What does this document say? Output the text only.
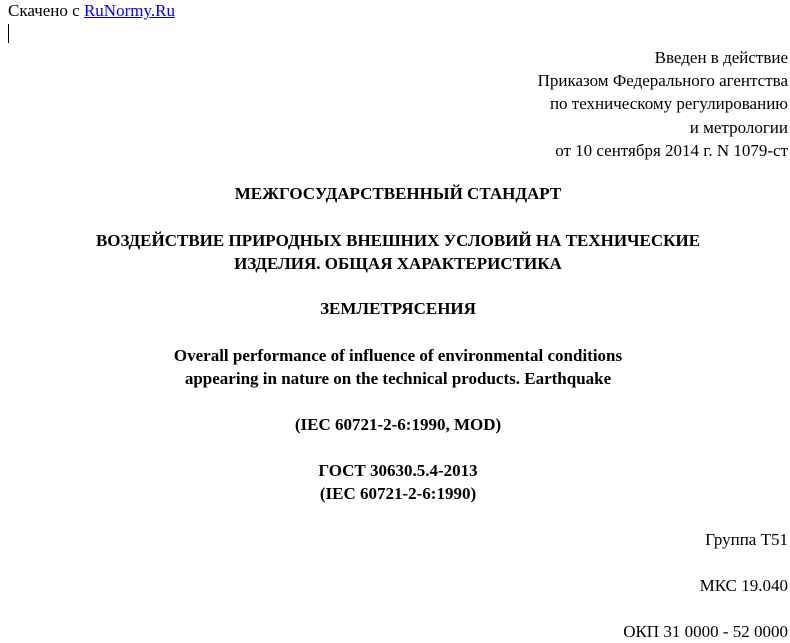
Скачено с RuNormy.Ru
Введен в действие
Приказом Федерального агентства
по техническому регулированию
и метрологии
от 10 сентября 2014 г. N 1079-ст
МЕЖГОСУДАРСТВЕННЫЙ СТАНДАРТ
ВОЗДЕЙСТВИЕ ПРИРОДНЫХ ВНЕШНИХ УСЛОВИЙ НА ТЕХНИЧЕСКИЕ
ИЗДЕЛИЯ. ОБЩАЯ ХАРАКТЕРИСТИКА
ЗЕМЛЕТРЯСЕНИЯ
Overall performance of influence of environmental conditions
appearing in nature on the technical products. Earthquake
(IEC 60721-2-6:1990, MOD)
ГОСТ 30630.5.4-2013
(IEC 60721-2-6:1990)
Группа Т51
МКС 19.040
ОКП 31 0000 - 52 0000
